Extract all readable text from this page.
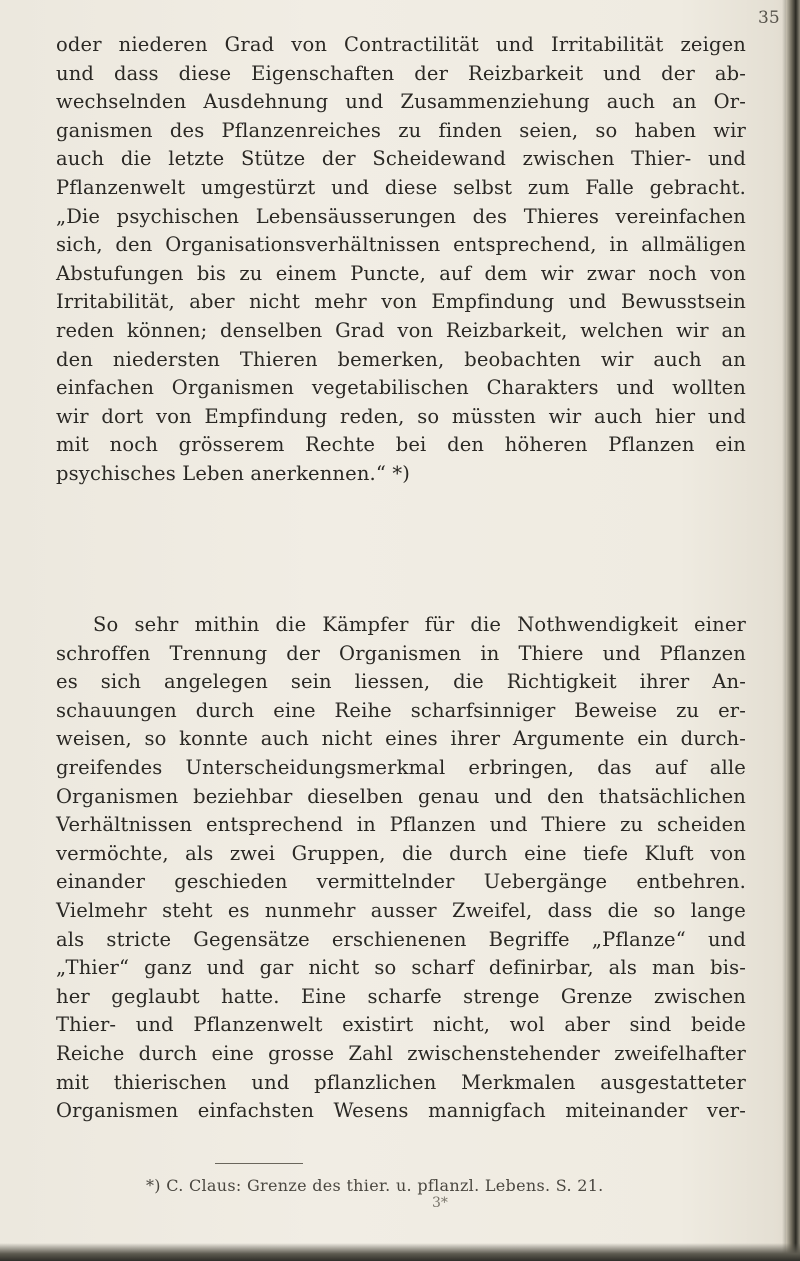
35
oder niederen Grad von Contractilität und Irritabilität zeigen
und dass diese Eigenschaften der Reizbarkeit und der ab-
wechselnden Ausdehnung und Zusammenziehung auch an Or-
ganismen des Pflanzenreiches zu finden seien, so haben wir
auch die letzte Stütze der Scheidewand zwischen Thier- und
Pflanzenwelt umgestürzt und diese selbst zum Falle gebracht.
„Die psychischen Lebensäusserungen des Thieres vereinfachen
sich, den Organisationsverhältnissen entsprechend, in allmäligen
Abstufungen bis zu einem Puncte, auf dem wir zwar noch von
Irritabilität, aber nicht mehr von Empfindung und Bewusstsein
reden können; denselben Grad von Reizbarkeit, welchen wir an
den niedersten Thieren bemerken, beobachten wir auch an
einfachen Organismen vegetabilischen Charakters und wollten
wir dort von Empfindung reden, so müssten wir auch hier und
mit noch grösserem Rechte bei den höheren Pflanzen ein
psychisches Leben anerkennen.“ *)
So sehr mithin die Kämpfer für die Nothwendigkeit einer
schroffen Trennung der Organismen in Thiere und Pflanzen
es sich angelegen sein liessen, die Richtigkeit ihrer An-
schauungen durch eine Reihe scharfsinniger Beweise zu er-
weisen, so konnte auch nicht eines ihrer Argumente ein durch-
greifendes Unterscheidungsmerkmal erbringen, das auf alle
Organismen beziehbar dieselben genau und den thatsächlichen
Verhältnissen entsprechend in Pflanzen und Thiere zu scheiden
vermöchte, als zwei Gruppen, die durch eine tiefe Kluft von
einander geschieden vermittelnder Uebergänge entbehren.
Vielmehr steht es nunmehr ausser Zweifel, dass die so lange
als stricte Gegensätze erschienenen Begriffe „Pflanze“ und
„Thier“ ganz und gar nicht so scharf definirbar, als man bis-
her geglaubt hatte. Eine scharfe strenge Grenze zwischen
Thier- und Pflanzenwelt existirt nicht, wol aber sind beide
Reiche durch eine grosse Zahl zwischenstehender zweifelhafter
mit thierischen und pflanzlichen Merkmalen ausgestatteter
Organismen einfachsten Wesens mannigfach miteinander ver-
*) C. Claus: Grenze des thier. u. pflanzl. Lebens. S. 21.
3*
